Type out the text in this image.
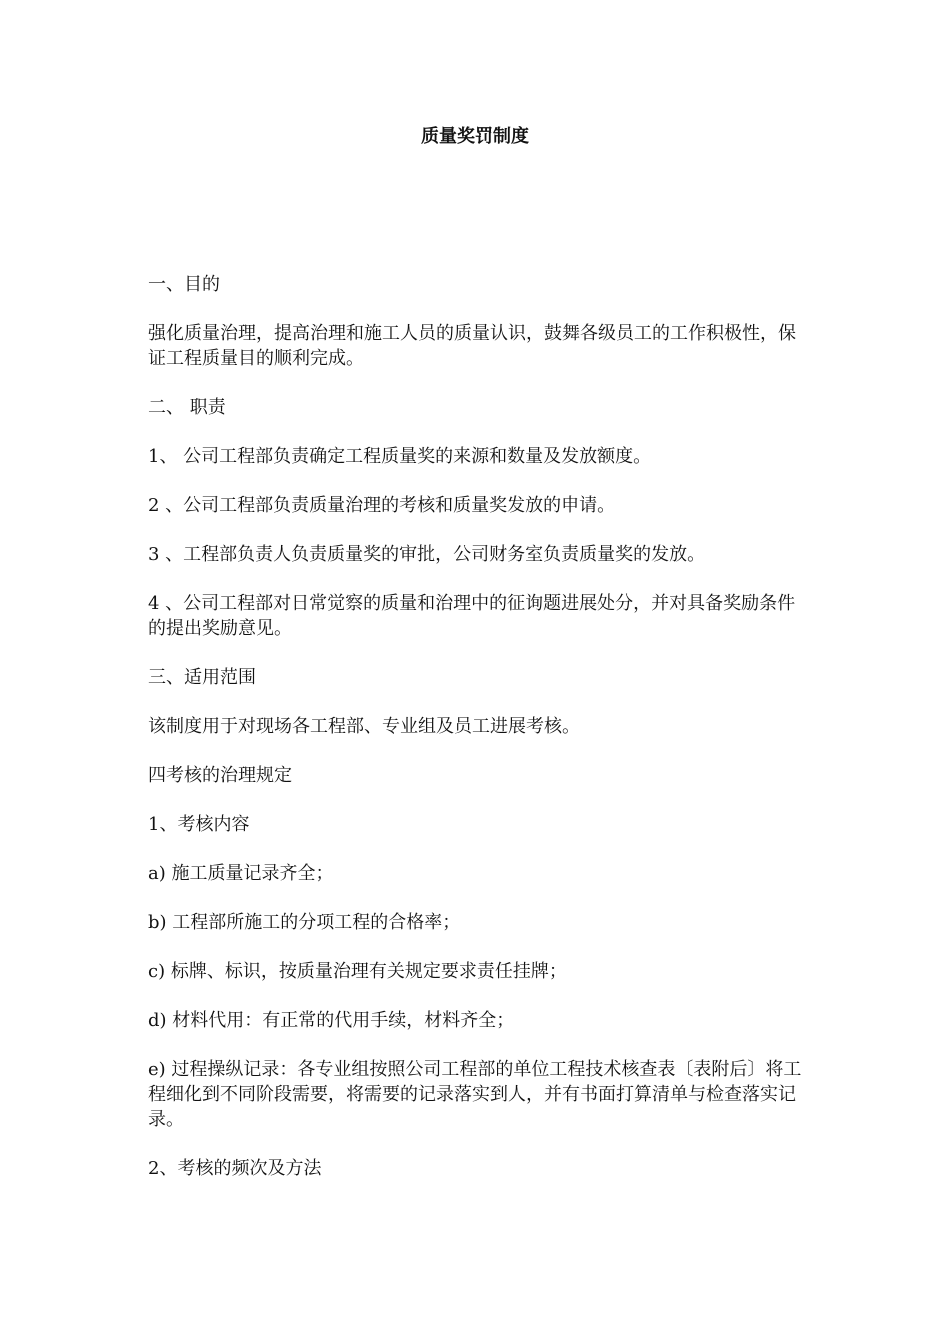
质量奖罚制度

一、目的

强化质量治理，提高治理和施工人员的质量认识，鼓舞各级员工的工作积极性，保证工程质量目的顺利完成。

二、 职责

1、 公司工程部负责确定工程质量奖的来源和数量及发放额度。

2 、公司工程部负责质量治理的考核和质量奖发放的申请。

3 、工程部负责人负责质量奖的审批，公司财务室负责质量奖的发放。

4 、公司工程部对日常觉察的质量和治理中的征询题进展处分，并对具备奖励条件的提出奖励意见。

三、适用范围

该制度用于对现场各工程部、专业组及员工进展考核。

四考核的治理规定

1、考核内容

a) 施工质量记录齐全；

b) 工程部所施工的分项工程的合格率；

c) 标牌、标识，按质量治理有关规定要求责任挂牌；

d) 材料代用：有正常的代用手续，材料齐全；

e) 过程操纵记录：各专业组按照公司工程部的单位工程技术核查表〔表附后〕将工程细化到不同阶段需要，将需要的记录落实到人，并有书面打算清单与检查落实记录。

2、考核的频次及方法
